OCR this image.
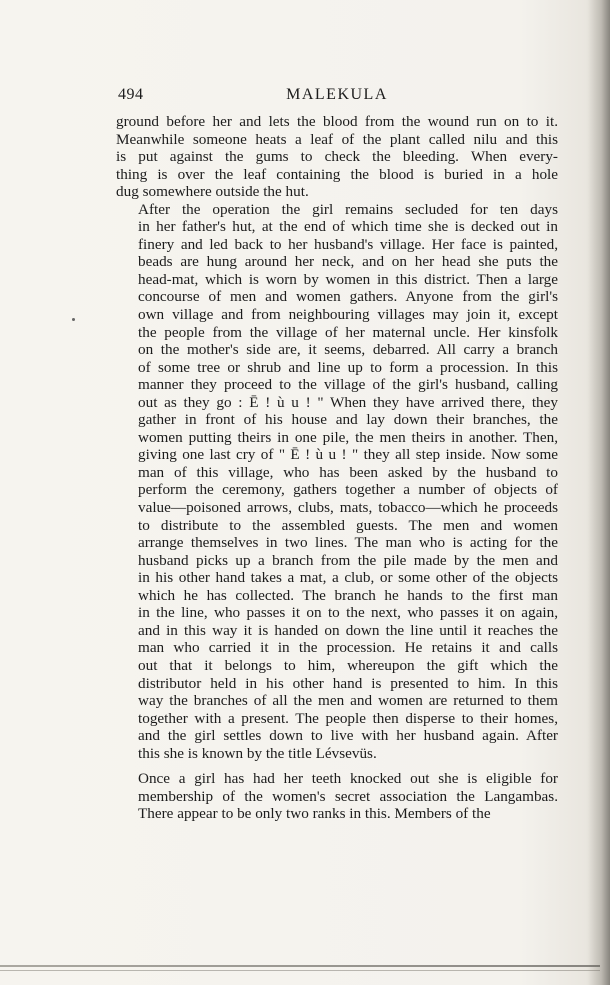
494	MALEKULA

ground before her and lets the blood from the wound run on to it.
Meanwhile someone heats a leaf of the plant called nilu and this
is put against the gums to check the bleeding. When every-
thing is over the leaf containing the blood is buried in a hole
dug somewhere outside the hut.

After the operation the girl remains secluded for ten days
in her father's hut, at the end of which time she is decked out in
finery and led back to her husband's village. Her face is painted,
beads are hung around her neck, and on her head she puts the
head-mat, which is worn by women in this district. Then a large
concourse of men and women gathers. Anyone from the girl's
own village and from neighbouring villages may join it, except
the people from the village of her maternal uncle. Her kinsfolk
on the mother's side are, it seems, debarred. All carry a branch
of some tree or shrub and line up to form a procession. In this
manner they proceed to the village of the girl's husband, calling
out as they go : Ē ! ù u ! " When they have arrived there, they
gather in front of his house and lay down their branches, the
women putting theirs in one pile, the men theirs in another. Then,
giving one last cry of " Ē ! ù u ! " they all step inside. Now some
man of this village, who has been asked by the husband to
perform the ceremony, gathers together a number of objects of
value—poisoned arrows, clubs, mats, tobacco—which he proceeds
to distribute to the assembled guests. The men and women
arrange themselves in two lines. The man who is acting for the
husband picks up a branch from the pile made by the men and
in his other hand takes a mat, a club, or some other of the objects
which he has collected. The branch he hands to the first man
in the line, who passes it on to the next, who passes it on again,
and in this way it is handed on down the line until it reaches the
man who carried it in the procession. He retains it and calls
out that it belongs to him, whereupon the gift which the
distributor held in his other hand is presented to him. In this
way the branches of all the men and women are returned to them
together with a present. The people then disperse to their homes,
and the girl settles down to live with her husband again. After
this she is known by the title Lévsevüs.

Once a girl has had her teeth knocked out she is eligible for
membership of the women's secret association the Langambas.
There appear to be only two ranks in this. Members of the
